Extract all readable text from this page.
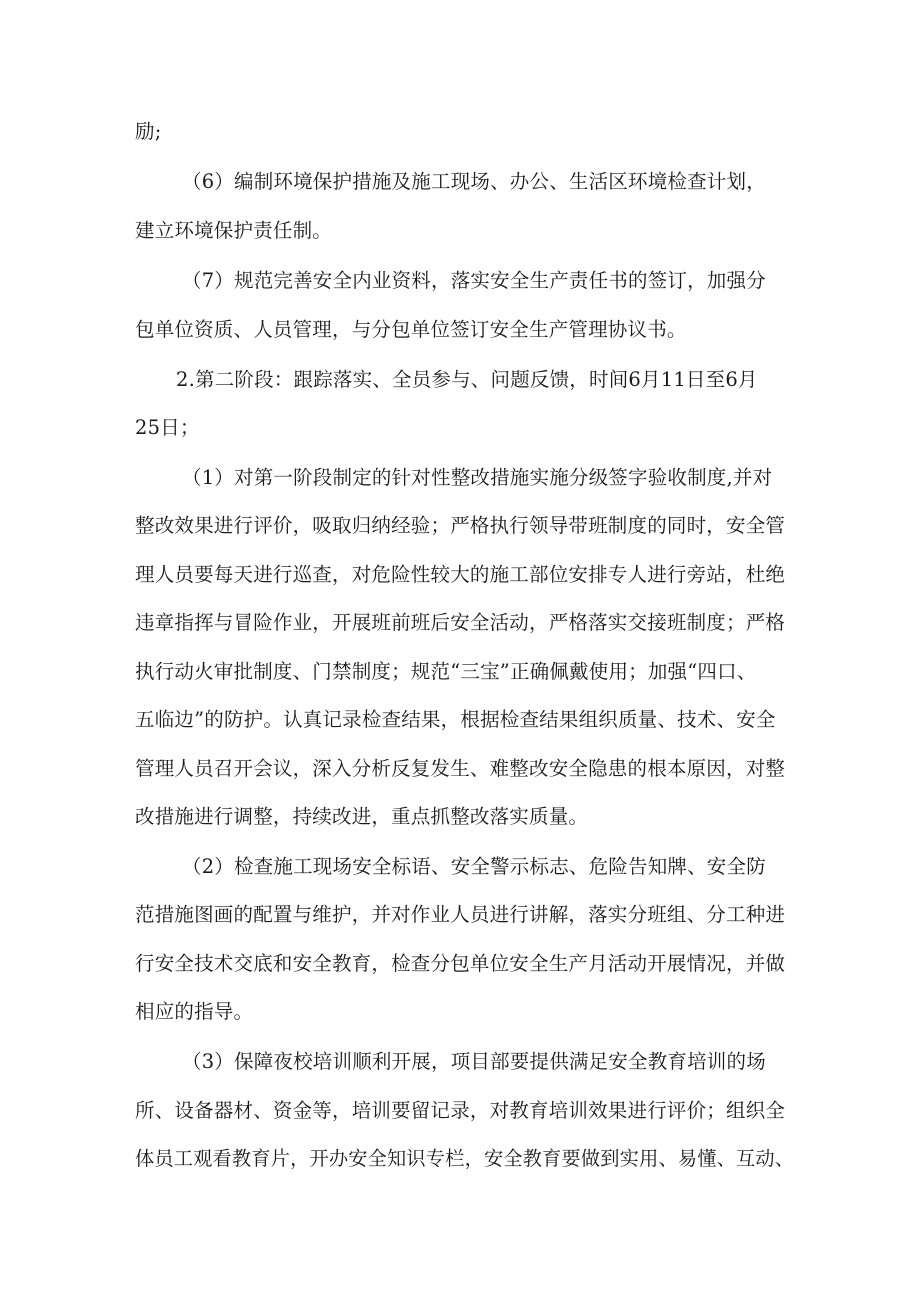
励;
（6）编制环境保护措施及施工现场、办公、生活区环境检查计划，
建立环境保护责任制。
（7）规范完善安全内业资料，落实安全生产责任书的签订，加强分
包单位资质、人员管理，与分包单位签订安全生产管理协议书。
2.第二阶段：跟踪落实、全员参与、问题反馈，时间6月11日至6月
25日；
（1）对第一阶段制定的针对性整改措施实施分级签字验收制度,并对
整改效果进行评价，吸取归纳经验；严格执行领导带班制度的同时，安全管
理人员要每天进行巡查，对危险性较大的施工部位安排专人进行旁站，杜绝
违章指挥与冒险作业，开展班前班后安全活动，严格落实交接班制度；严格
执行动火审批制度、门禁制度；规范“三宝”正确佩戴使用；加强“四口、
五临边”的防护。认真记录检查结果，根据检查结果组织质量、技术、安全
管理人员召开会议，深入分析反复发生、难整改安全隐患的根本原因，对整
改措施进行调整，持续改进，重点抓整改落实质量。
（2）检查施工现场安全标语、安全警示标志、危险告知牌、安全防
范措施图画的配置与维护，并对作业人员进行讲解，落实分班组、分工种进
行安全技术交底和安全教育，检查分包单位安全生产月活动开展情况，并做
相应的指导。
（3）保障夜校培训顺利开展，项目部要提供满足安全教育培训的场
所、设备器材、资金等，培训要留记录，对教育培训效果进行评价；组织全
体员工观看教育片，开办安全知识专栏，安全教育要做到实用、易懂、互动、
